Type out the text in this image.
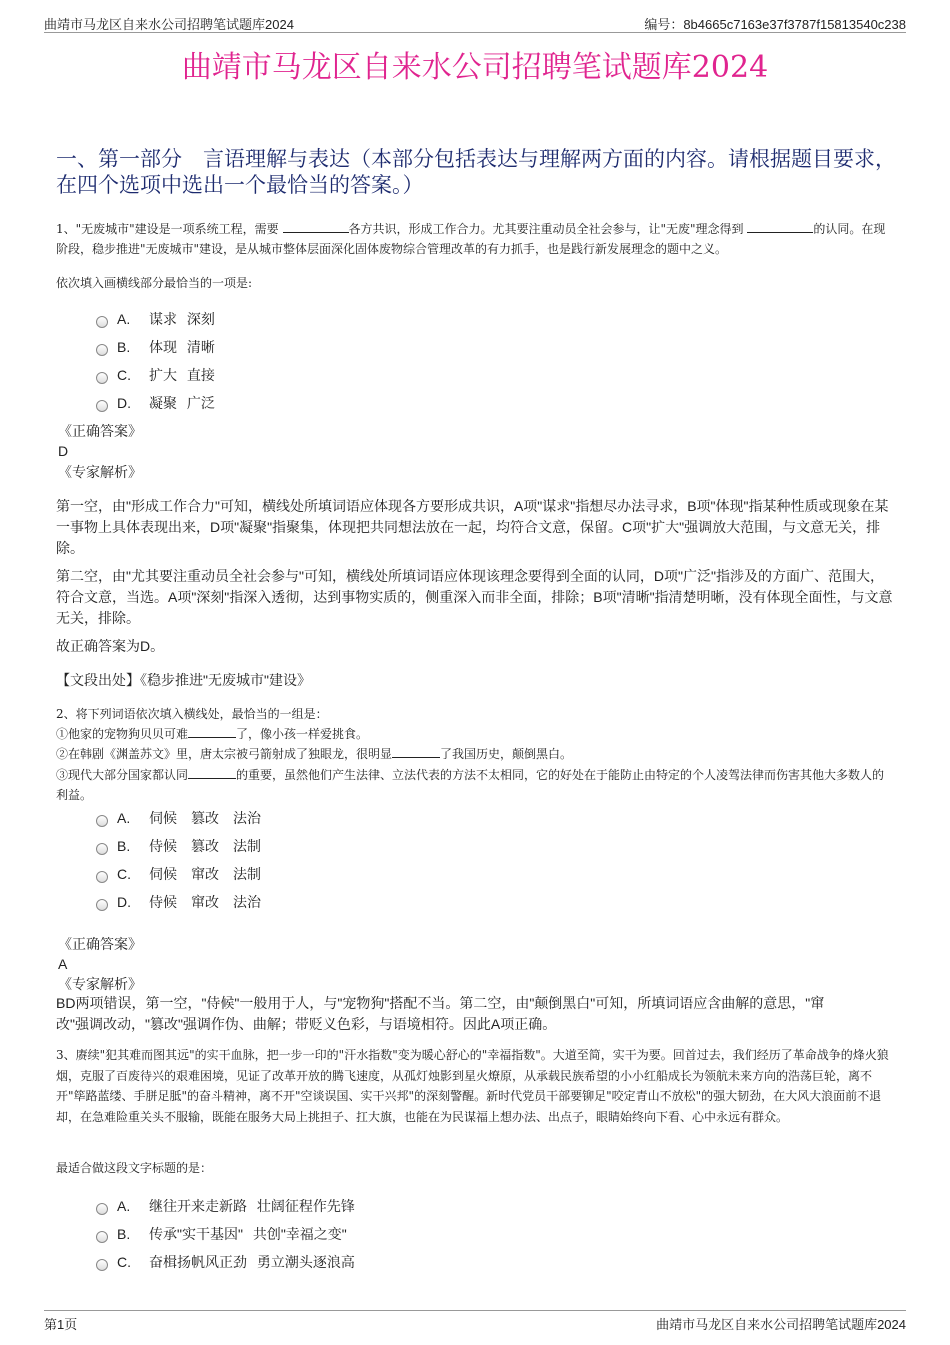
曲靖市马龙区自来水公司招聘笔试题库2024	编号：8b4665c7163e37f3787f15813540c238
曲靖市马龙区自来水公司招聘笔试题库2024
一、第一部分　言语理解与表达（本部分包括表达与理解两方面的内容。请根据题目要求，在四个选项中选出一个最恰当的答案。）
1、"无废城市"建设是一项系统工程，需要	各方共识，形成工作合力。尤其要注重动员全社会参与，让"无废"理念得到	的认同。在现阶段，稳步推进"无废城市"建设，是从城市整体层面深化固体废物综合管理改革的有力抓手，也是践行新发展理念的题中之义。
依次填入画横线部分最恰当的一项是:
A.	谋求 深刻
B.	体现 清晰
C.	扩大 直接
D.	凝聚 广泛
《正确答案》
D
《专家解析》
第一空，由"形成工作合力"可知，横线处所填词语应体现各方要形成共识，A项"谋求"指想尽办法寻求，B项"体现"指某种性质或现象在某一事物上具体表现出来，D项"凝聚"指聚集，体现把共同想法放在一起，均符合文意，保留。C项"扩大"强调放大范围，与文意无关，排除。
第二空，由"尤其要注重动员全社会参与"可知，横线处所填词语应体现该理念要得到全面的认同，D项"广泛"指涉及的方面广、范围大，符合文意，当选。A项"深刻"指深入透彻，达到事物实质的，侧重深入而非全面，排除；B项"清晰"指清楚明晰，没有体现全面性，与文意无关，排除。
故正确答案为D。
【文段出处】《稳步推进"无废城市"建设》
2、将下列词语依次填入横线处，最恰当的一组是：
①他家的宠物狗贝贝可难	了，像小孩一样爱挑食。
②在韩剧《渊盖苏文》里，唐太宗被弓箭射成了独眼龙，很明显	了我国历史，颠倒黑白。
③现代大部分国家都认同	的重要，虽然他们产生法律、立法代表的方法不太相同，它的好处在于能防止由特定的个人凌驾法律而伤害其他大多数人的利益。
A.	伺候　篡改　法治
B.	侍候　篡改　法制
C.	伺候　窜改　法制
D.	侍候　窜改　法治
《正确答案》
A
《专家解析》
BD两项错误，第一空，"侍候"一般用于人，与"宠物狗"搭配不当。第二空，由"颠倒黑白"可知，所填词语应含曲解的意思，"窜改"强调改动，"篡改"强调作伪、曲解；带贬义色彩，与语境相符。因此A项正确。
3、赓续"犯其难而图其远"的实干血脉，把一步一印的"汗水指数"变为暖心舒心的"幸福指数"。大道至简，实干为要。回首过去，我们经历了革命战争的烽火狼烟，克服了百废待兴的艰难困境，见证了改革开放的腾飞速度，从孤灯烛影到星火燎原，从承载民族希望的小小红船成长为领航未来方向的浩荡巨轮，离不开"筚路蓝缕、手胼足胝"的奋斗精神，离不开"空谈误国、实干兴邦"的深刻警醒。新时代党员干部要铆足"咬定青山不放松"的强大韧劲，在大风大浪面前不退却，在急难险重关头不服输，既能在服务大局上挑担子、扛大旗，也能在为民谋福上想办法、出点子，眼睛始终向下看、心中永远有群众。
最适合做这段文字标题的是：
A.	继往开来走新路 壮阔征程作先锋
B.	传承"实干基因" 共创"幸福之变"
C.	奋楫扬帆风正劲 勇立潮头逐浪高
第1页	曲靖市马龙区自来水公司招聘笔试题库2024
